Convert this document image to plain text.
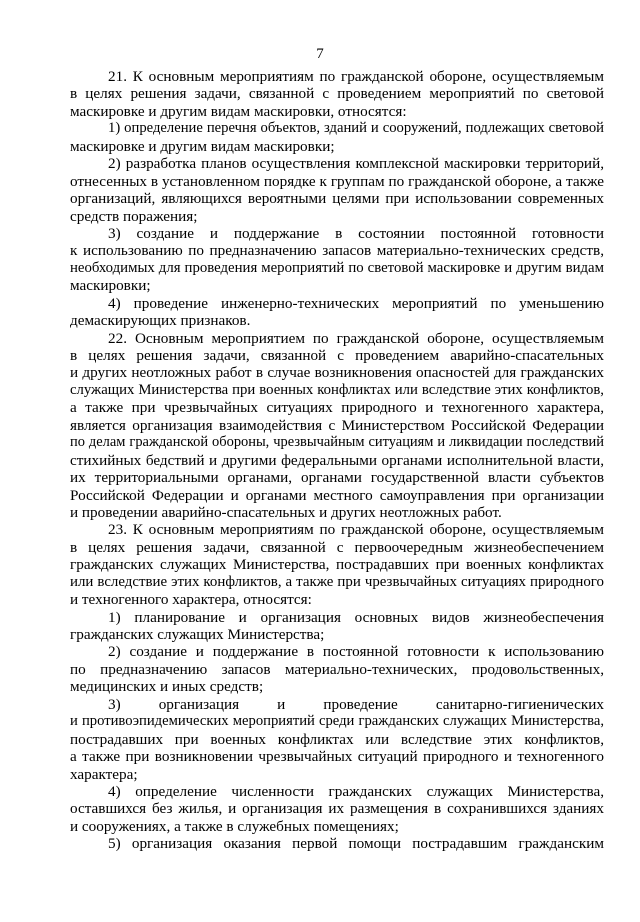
7
21. К основным мероприятиям по гражданской обороне, осуществляемым
в целях решения задачи, связанной с проведением мероприятий по световой
маскировке и другим видам маскировки, относятся:
1) определение перечня объектов, зданий и сооружений, подлежащих световой
маскировке и другим видам маскировки;
2) разработка планов осуществления комплексной маскировки территорий,
отнесенных в установленном порядке к группам по гражданской обороне, а также
организаций, являющихся вероятными целями при использовании современных
средств поражения;
3) создание и поддержание в состоянии постоянной готовности
к использованию по предназначению запасов материально-технических средств,
необходимых для проведения мероприятий по световой маскировке и другим видам
маскировки;
4) проведение инженерно-технических мероприятий по уменьшению
демаскирующих признаков.
22. Основным мероприятием по гражданской обороне, осуществляемым
в целях решения задачи, связанной с проведением аварийно-спасательных
и других неотложных работ в случае возникновения опасностей для гражданских
служащих Министерства при военных конфликтах или вследствие этих конфликтов,
а также при чрезвычайных ситуациях природного и техногенного характера,
является организация взаимодействия с Министерством Российской Федерации
по делам гражданской обороны, чрезвычайным ситуациям и ликвидации последствий
стихийных бедствий и другими федеральными органами исполнительной власти,
их территориальными органами, органами государственной власти субъектов
Российской Федерации и органами местного самоуправления при организации
и проведении аварийно-спасательных и других неотложных работ.
23. К основным мероприятиям по гражданской обороне, осуществляемым
в целях решения задачи, связанной с первоочередным жизнеобеспечением
гражданских служащих Министерства, пострадавших при военных конфликтах
или вследствие этих конфликтов, а также при чрезвычайных ситуациях природного
и техногенного характера, относятся:
1) планирование и организация основных видов жизнеобеспечения
гражданских служащих Министерства;
2) создание и поддержание в постоянной готовности к использованию
по предназначению запасов материально-технических, продовольственных,
медицинских и иных средств;
3) организация и проведение санитарно-гигиенических
и противоэпидемических мероприятий среди гражданских служащих Министерства,
пострадавших при военных конфликтах или вследствие этих конфликтов,
а также при возникновении чрезвычайных ситуаций природного и техногенного
характера;
4) определение численности гражданских служащих Министерства,
оставшихся без жилья, и организация их размещения в сохранившихся зданиях
и сооружениях, а также в служебных помещениях;
5) организация оказания первой помощи пострадавшим гражданским
